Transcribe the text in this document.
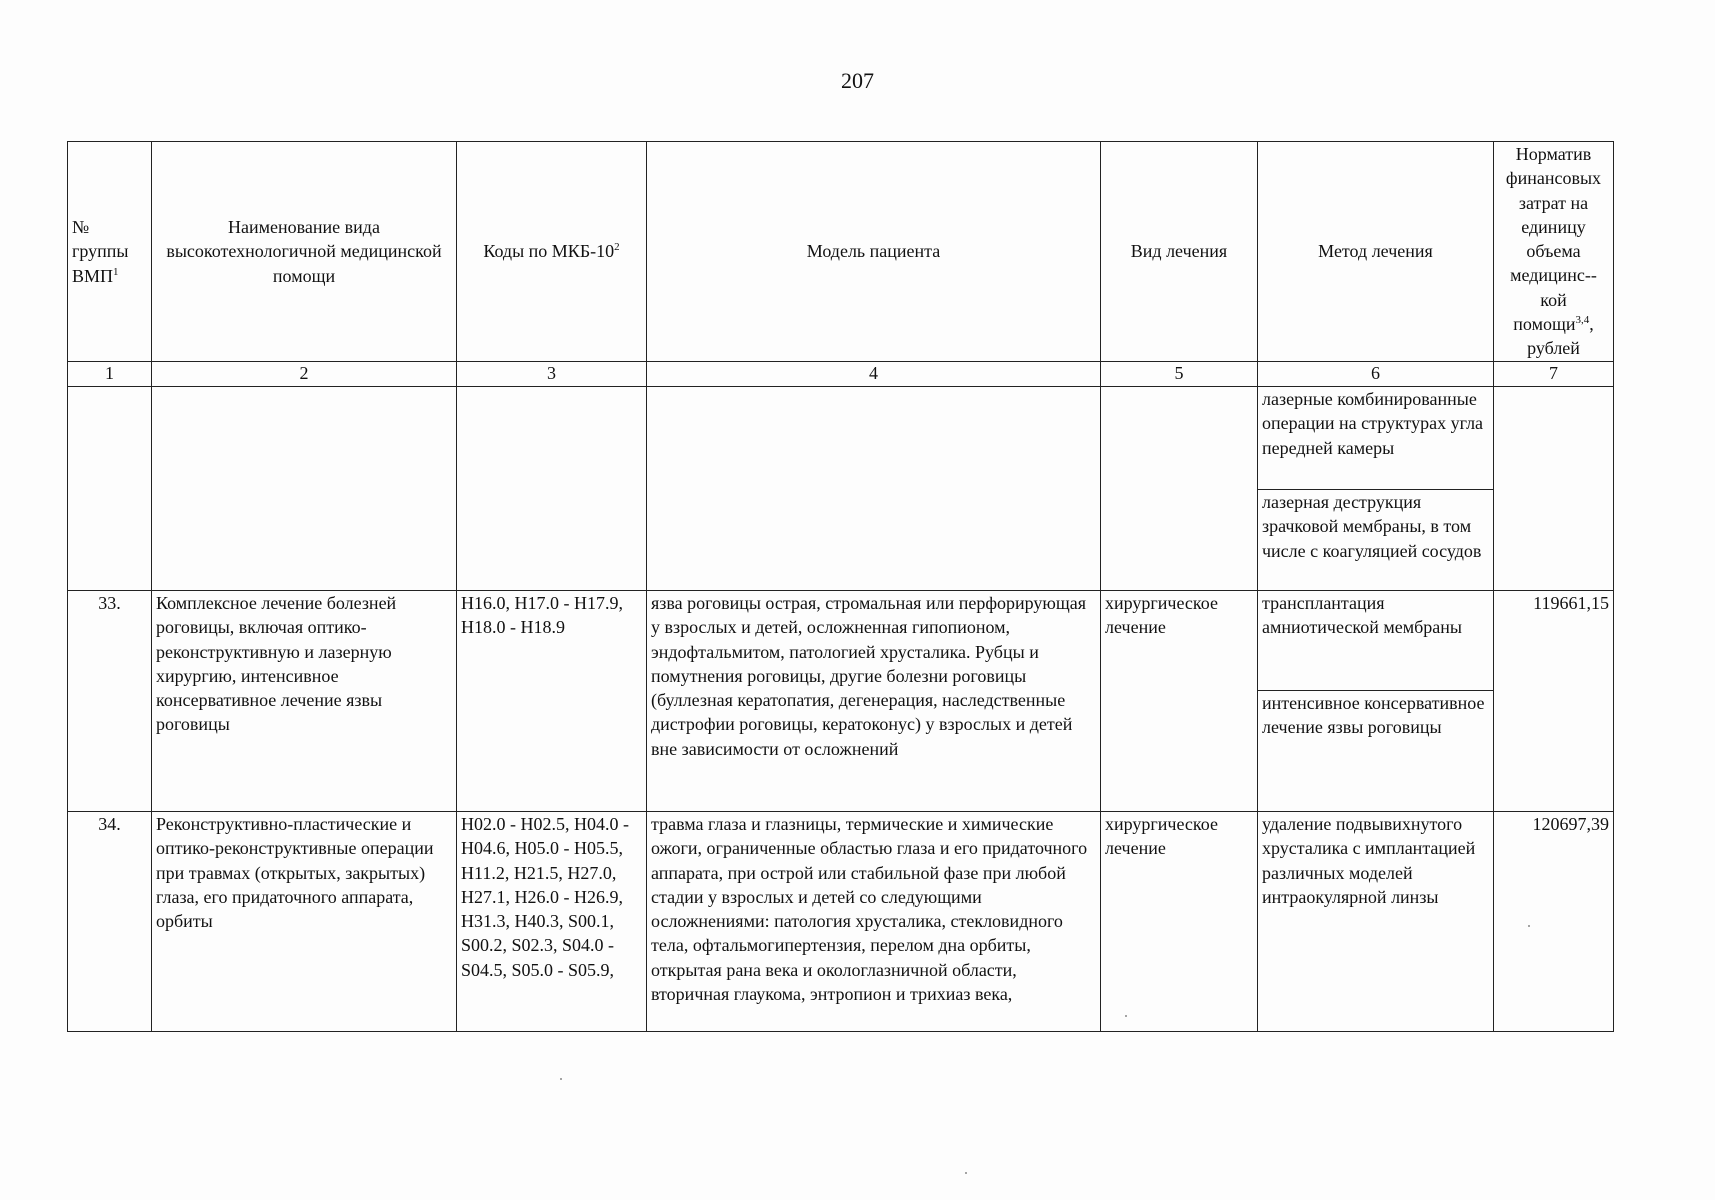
207
№ группы ВМП$^1$	Наименование вида высокотехнологичной медицинской помощи	Коды по МКБ-$10^2$	Модель пациента	Вид лечения	Метод лечения	Норматив финансовых затрат на единицу объема медицинс-- кой помощи$^{3,4}$, рублей
1	2	3	4	5	6	7
					лазерные комбинированные операции на структурах угла передней камеры	
					лазерная деструкция зрачковой мембраны, в том числе с коагуляцией сосудов	
33.	Комплексное лечение болезней роговицы, включая оптико-реконструктивную и лазерную хирургию, интенсивное консервативное лечение язвы роговицы	H16.0, H17.0 - H17.9, H18.0 - H18.9	язва роговицы острая, стромальная или перфорирующая у взрослых и детей, осложненная гипопионом, эндофтальмитом, патологией хрусталика. Рубцы и помутнения роговицы, другие болезни роговицы (буллезная кератопатия, дегенерация, наследственные дистрофии роговицы, кератоконус) у взрослых и детей вне зависимости от осложнений	хирургическое лечение	трансплантация амниотической мембраны	119661,15
					интенсивное консервативное лечение язвы роговицы	
34.	Реконструктивно-пластические и оптико-реконструктивные операции при травмах (открытых, закрытых) глаза, его придаточного аппарата, орбиты	H02.0 - H02.5, H04.0 - H04.6, H05.0 - H05.5, H11.2, H21.5, H27.0, H27.1, H26.0 - H26.9, H31.3, H40.3, S00.1, S00.2, S02.3, S04.0 - S04.5, S05.0 - S05.9,	травма глаза и глазницы, термические и химические ожоги, ограниченные областью глаза и его придаточного аппарата, при острой или стабильной фазе при любой стадии у взрослых и детей со следующими осложнениями: патология хрусталика, стекловидного тела, офтальмогипертензия, перелом дна орбиты, открытая рана века и окологлазничной области, вторичная глаукома, энтропион и трихиаз века,	хирургическое лечение	удаление подвывихнутого хрусталика с имплантацией различных моделей интраокулярной линзы	120697,39
